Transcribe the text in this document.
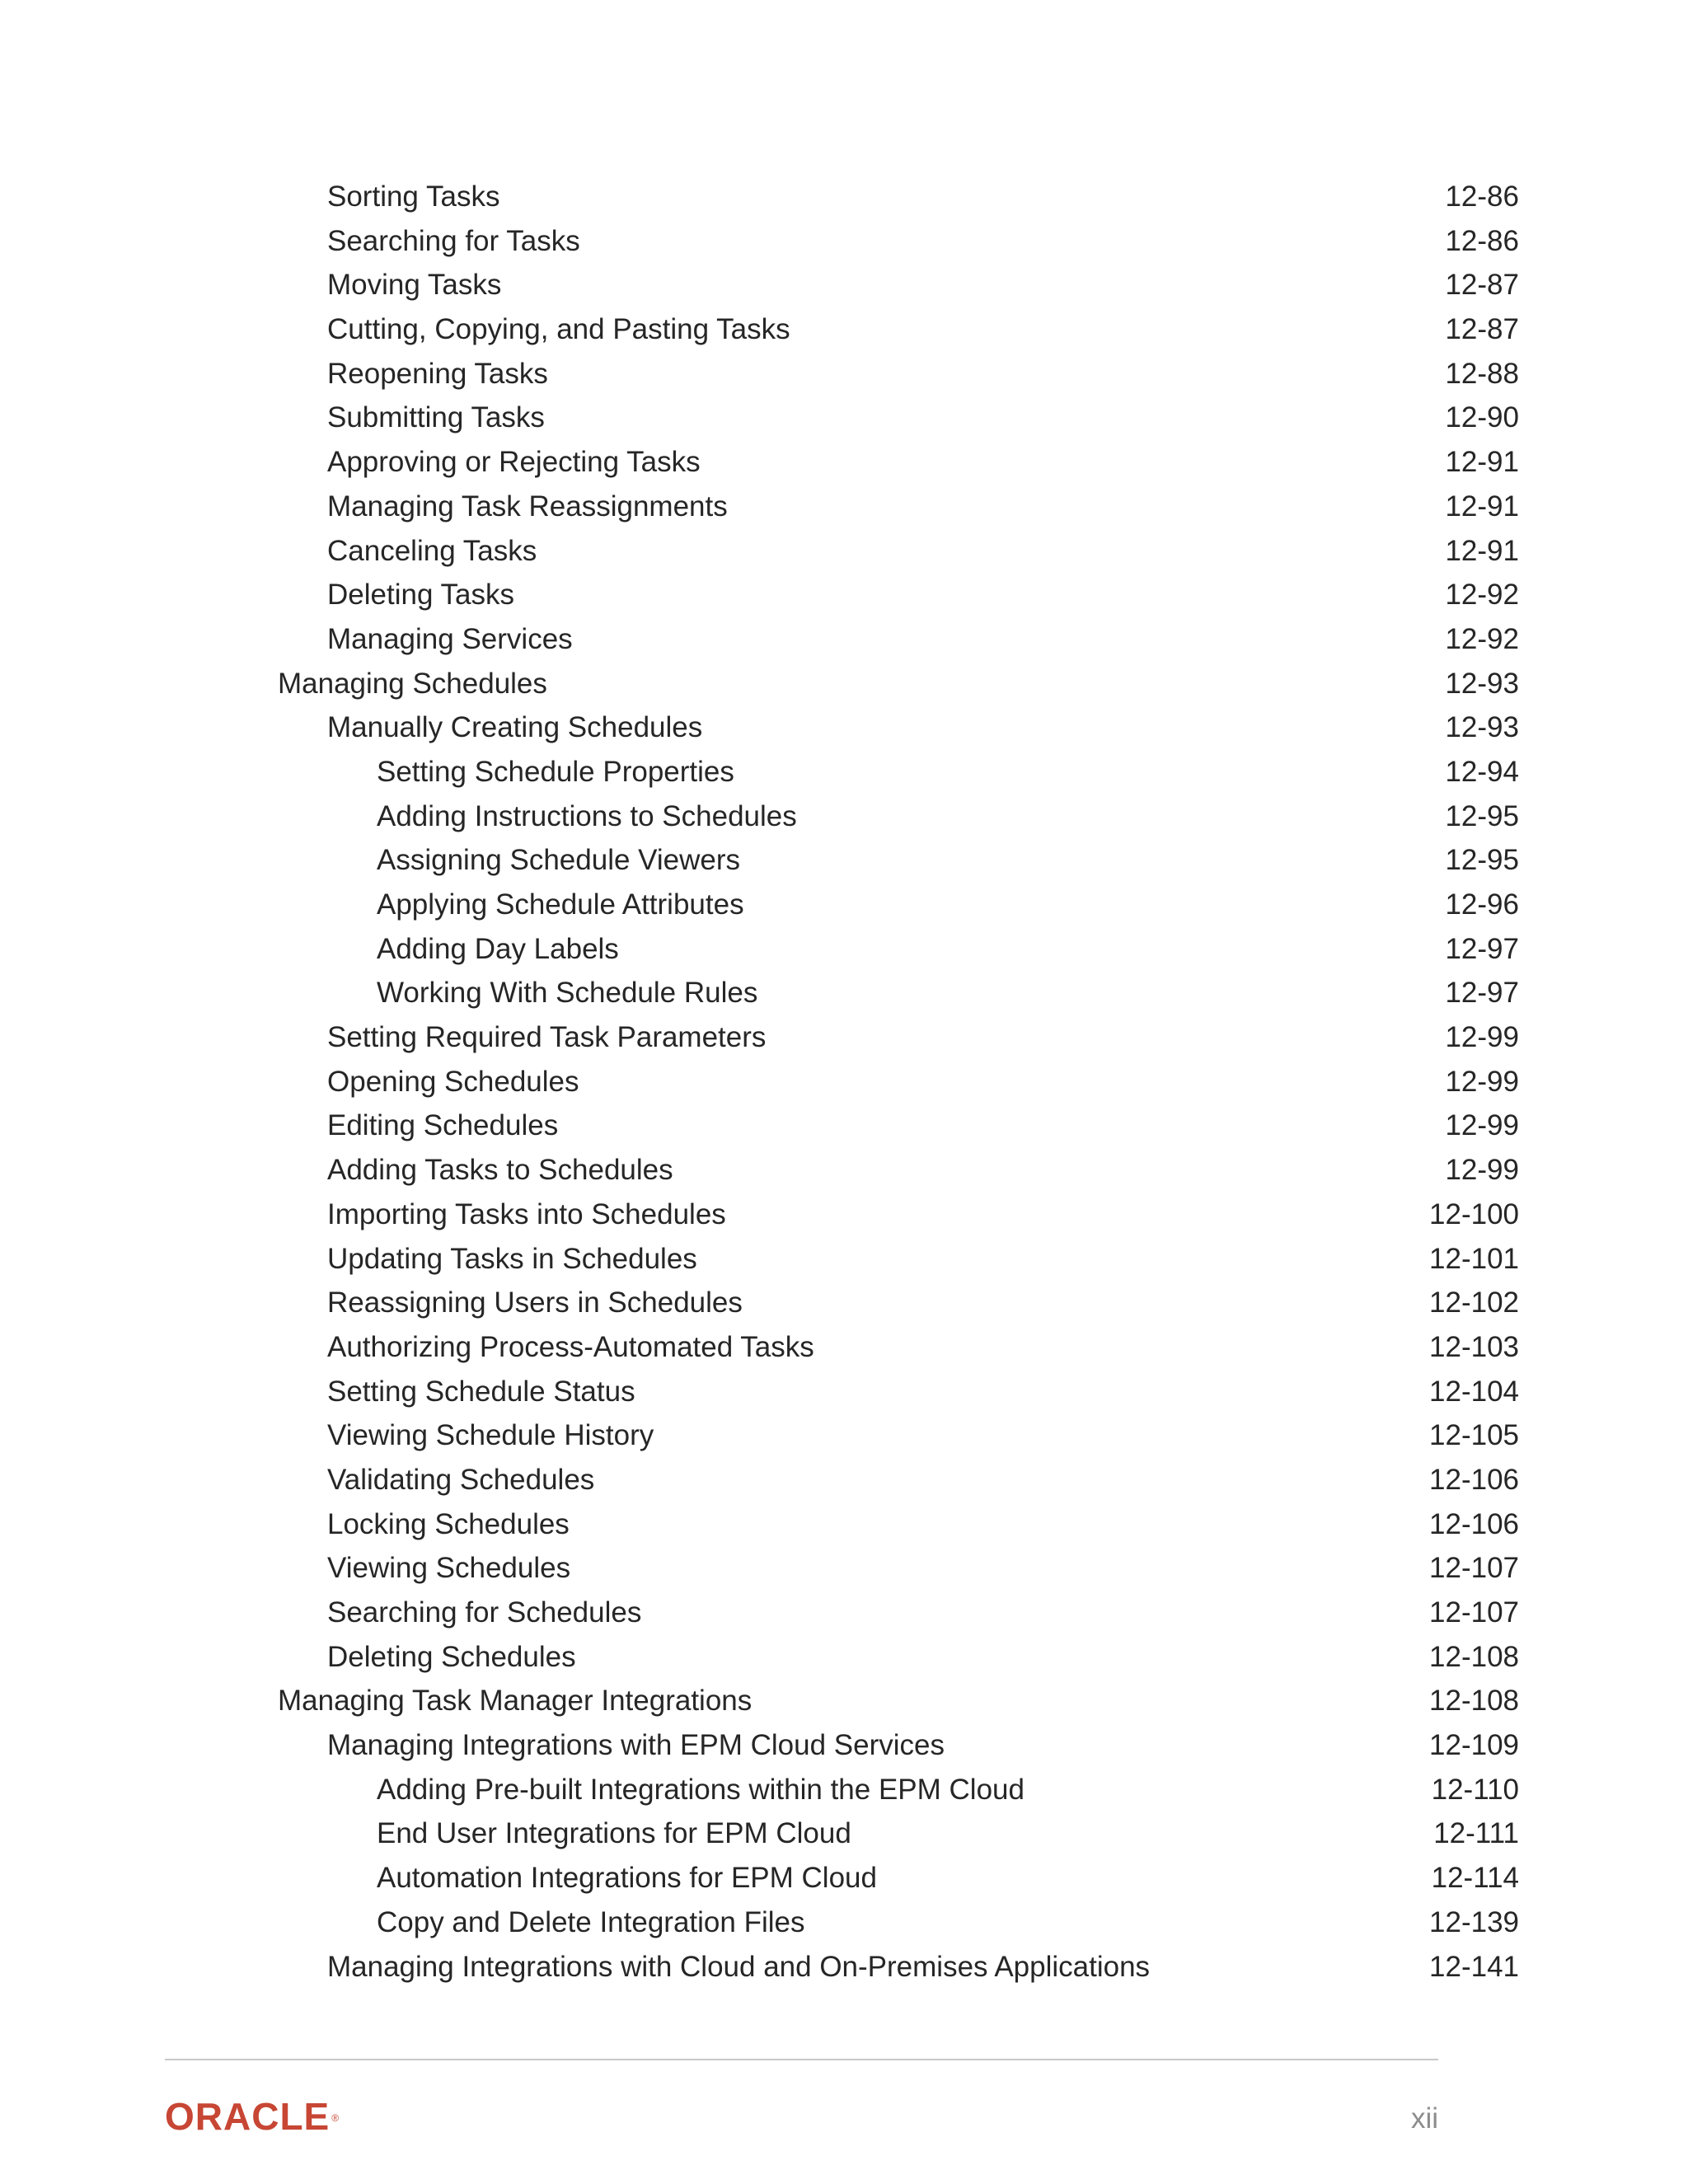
Sorting Tasks	12-86
Searching for Tasks	12-86
Moving Tasks	12-87
Cutting, Copying, and Pasting Tasks	12-87
Reopening Tasks	12-88
Submitting Tasks	12-90
Approving or Rejecting Tasks	12-91
Managing Task Reassignments	12-91
Canceling Tasks	12-91
Deleting Tasks	12-92
Managing Services	12-92
Managing Schedules	12-93
Manually Creating Schedules	12-93
Setting Schedule Properties	12-94
Adding Instructions to Schedules	12-95
Assigning Schedule Viewers	12-95
Applying Schedule Attributes	12-96
Adding Day Labels	12-97
Working With Schedule Rules	12-97
Setting Required Task Parameters	12-99
Opening Schedules	12-99
Editing Schedules	12-99
Adding Tasks to Schedules	12-99
Importing Tasks into Schedules	12-100
Updating Tasks in Schedules	12-101
Reassigning Users in Schedules	12-102
Authorizing Process-Automated Tasks	12-103
Setting Schedule Status	12-104
Viewing Schedule History	12-105
Validating Schedules	12-106
Locking Schedules	12-106
Viewing Schedules	12-107
Searching for Schedules	12-107
Deleting Schedules	12-108
Managing Task Manager Integrations	12-108
Managing Integrations with EPM Cloud Services	12-109
Adding Pre-built Integrations within the EPM Cloud	12-110
End User Integrations for EPM Cloud	12-111
Automation Integrations for EPM Cloud	12-114
Copy and Delete Integration Files	12-139
Managing Integrations with Cloud and On-Premises Applications	12-141
ORACLE ®	xii
